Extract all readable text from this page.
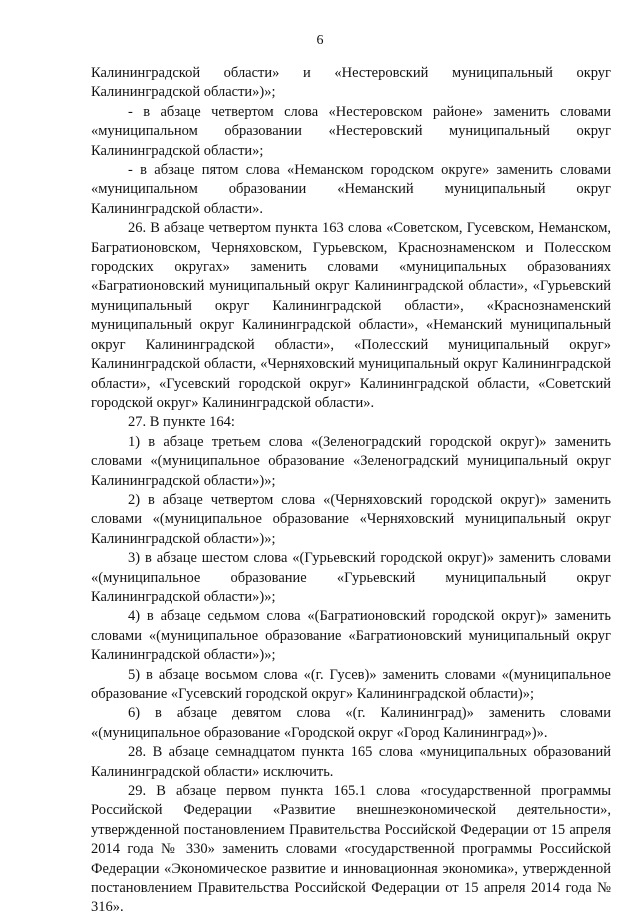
6

Калининградской области» и «Нестеровский муниципальный округ Калининградской области»)»;

- в абзаце четвертом слова «Нестеровском районе» заменить словами «муниципальном образовании «Нестеровский муниципальный округ Калининградской области»;

- в абзаце пятом слова «Неманском городском округе» заменить словами «муниципальном образовании «Неманский муниципальный округ Калининградской области».

26. В абзаце четвертом пункта 163 слова «Советском, Гусевском, Неманском, Багратионовском, Черняховском, Гурьевском, Краснознаменском и Полесском городских округах» заменить словами «муниципальных образованиях «Багратионовский муниципальный округ Калининградской области», «Гурьевский муниципальный округ Калининградской области», «Краснознаменский муниципальный округ Калининградской области», «Неманский муниципальный округ Калининградской области», «Полесский муниципальный округ» Калининградской области, «Черняховский муниципальный округ Калининградской области», «Гусевский городской округ» Калининградской области, «Советский городской округ» Калининградской области».

27. В пункте 164:

1) в абзаце третьем слова «(Зеленоградский городской округ)» заменить словами «(муниципальное образование «Зеленоградский муниципальный округ Калининградской области»)»;

2) в абзаце четвертом слова «(Черняховский городской округ)» заменить словами «(муниципальное образование «Черняховский муниципальный округ Калининградской области»)»;

3) в абзаце шестом слова «(Гурьевский городской округ)» заменить словами «(муниципальное образование «Гурьевский муниципальный округ Калининградской области»)»;

4) в абзаце седьмом слова «(Багратионовский городской округ)» заменить словами «(муниципальное образование «Багратионовский муниципальный округ Калининградской области»)»;

5) в абзаце восьмом слова «(г. Гусев)» заменить словами «(муниципальное образование «Гусевский городской округ» Калининградской области)»;

6) в абзаце девятом слова «(г. Калининград)» заменить словами «(муниципальное образование «Городской округ «Город Калининград»)».

28. В абзаце семнадцатом пункта 165 слова «муниципальных образований Калининградской области» исключить.

29. В абзаце первом пункта 165.1 слова «государственной программы Российской Федерации «Развитие внешнеэкономической деятельности», утвержденной постановлением Правительства Российской Федерации от 15 апреля 2014 года № 330» заменить словами «государственной программы Российской Федерации «Экономическое развитие и инновационная экономика», утвержденной постановлением Правительства Российской Федерации от 15 апреля 2014 года № 316».
